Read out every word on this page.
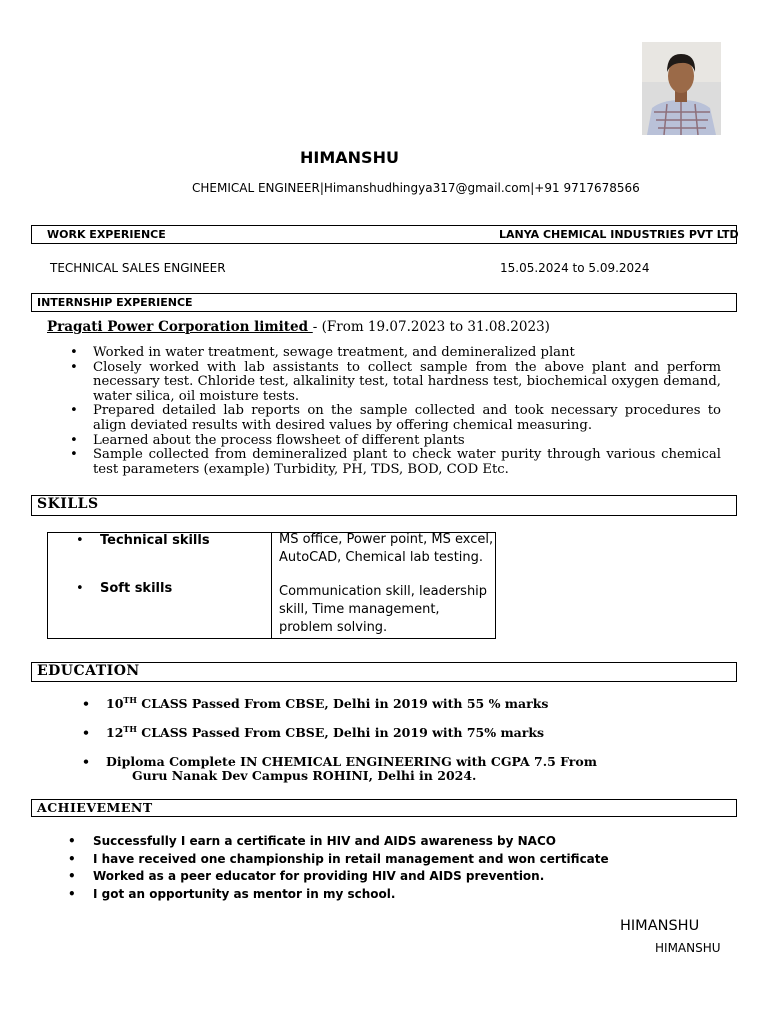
HIMANSHU
CHEMICAL ENGINEER|Himanshudhingya317@gmail.com|+91 9717678566
WORK EXPERIENCE	LANYA CHEMICAL INDUSTRIES PVT LTD
TECHNICAL SALES ENGINEER	15.05.2024 to 5.09.2024
INTERNSHIP EXPERIENCE
Pragati Power Corporation limited - (From 19.07.2023 to 31.08.2023)
• Worked in water treatment, sewage treatment, and demineralized plant
• Closely worked with lab assistants to collect sample from the above plant and perform necessary test. Chloride test, alkalinity test, total hardness test, biochemical oxygen demand, water silica, oil moisture tests.
• Prepared detailed lab reports on the sample collected and took necessary procedures to align deviated results with desired values by offering chemical measuring.
• Learned about the process flowsheet of different plants
• Sample collected from demineralized plant to check water purity through various chemical test parameters (example) Turbidity, PH, TDS, BOD, COD Etc.
SKILLS
• Technical skills	MS office, Power point, MS excel, AutoCAD, Chemical lab testing.
• Soft skills	Communication skill, leadership skill, Time management, problem solving.
EDUCATION
• 10TH CLASS Passed From CBSE, Delhi in 2019 with 55 % marks
• 12TH CLASS Passed From CBSE, Delhi in 2019 with 75% marks
• Diploma Complete IN CHEMICAL ENGINEERING with CGPA 7.5 From
Guru Nanak Dev Campus ROHINI, Delhi in 2024.
ACHIEVEMENT
• Successfully I earn a certificate in HIV and AIDS awareness by NACO
• I have received one championship in retail management and won certificate
• Worked as a peer educator for providing HIV and AIDS prevention.
• I got an opportunity as mentor in my school.
HIMANSHU
HIMANSHU
